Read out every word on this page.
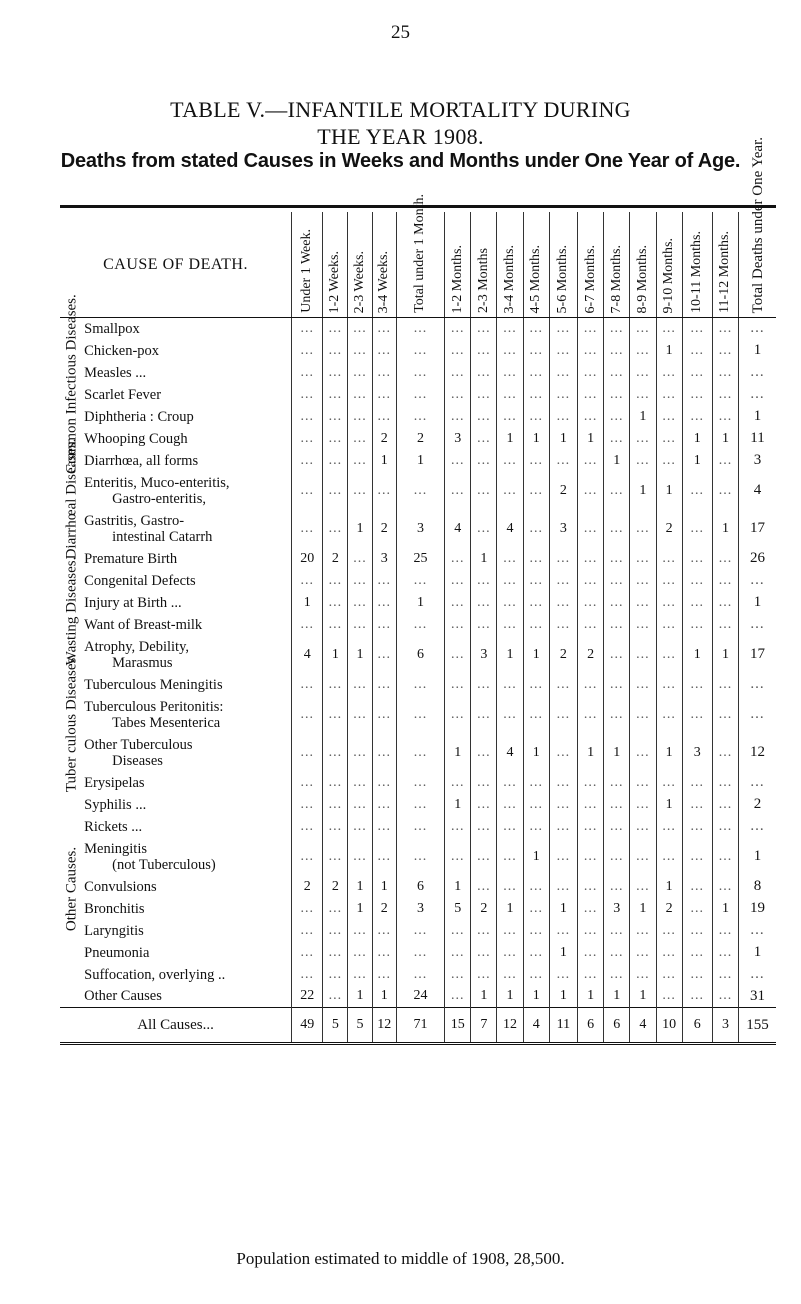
25
TABLE V.—INFANTILE MORTALITY DURING
THE YEAR 1908.
Deaths from stated Causes in Weeks and Months under One Year of Age.
CAUSE OF DEATH.		Under 1 Week.	1-2 Weeks.	2-3 Weeks.	3-4 Weeks.	Total under 1 Month.	1-2 Months.	2-3 Months	3-4 Months.	4-5 Months.	5-6 Months.	6-7 Months.	7-8 Months.	8-9 Months.	9-10 Months.	10-11 Months.	11-12 Months.	Total Deaths under One Year.

Common Infectious Diseases.	Smallpox	...	...	...	...	...	...	...	...	...	...	...	...	...	...	...	...	...

	Chicken-pox	...	...	...	...	...	...	...	...	...	...	...	...	...	1	...	...	1

	Measles ...	...	...	...	...	...	...	...	...	...	...	...	...	...	...	...	...	...

	Scarlet Fever	...	...	...	...	...	...	...	...	...	...	...	...	...	...	...	...	...

	Diphtheria : Croup	...	...	...	...	...	...	...	...	...	...	...	...	1	...	...	...	1

	Whooping Cough	...	...	...	2	2	3	...	1	1	1	1	...	...	...	1	1	11

Diarrhœal Diseases.	Diarrhœa, all forms	...	...	...	1	1	...	...	...	...	...	...	1	...	...	1	...	3

	Enteritis, Muco-enteritis,
Gastro-enteritis,	...	...	...	...	...	...	...	...	...	2	...	...	1	1	...	...	4

	Gastritis, Gastro-
intestinal Catarrh	...	...	1	2	3	4	...	4	...	3	...	...	...	2	...	1	17

Wasting Diseases.	Premature Birth	20	2	...	3	25	...	1	...	...	...	...	...	...	...	...	...	26

	Congenital Defects	...	...	...	...	...	...	...	...	...	...	...	...	...	...	...	...	...

	Injury at Birth ...	1	...	...	...	1	...	...	...	...	...	...	...	...	...	...	...	1

	Want of Breast-milk	...	...	...	...	...	...	...	...	...	...	...	...	...	...	...	...	...

	Atrophy, Debility,
Marasmus	4	1	1	...	6	...	3	1	1	2	2	...	...	...	1	1	17

Tuber culous Diseases.	Tuberculous Meningitis	...	...	...	...	...	...	...	...	...	...	...	...	...	...	...	...	...

	Tuberculous Peritonitis:
Tabes Mesenterica	...	...	...	...	...	...	...	...	...	...	...	...	...	...	...	...	...

	Other Tuberculous
Diseases	...	...	...	...	...	1	...	4	1	...	1	1	...	1	3	...	12

Other Causes.	Erysipelas	...	...	...	...	...	...	...	...	...	...	...	...	...	...	...	...	...

	Syphilis ...	...	...	...	...	...	1	...	...	...	...	...	...	...	1	...	...	2

	Rickets ...	...	...	...	...	...	...	...	...	...	...	...	...	...	...	...	...	...

	Meningitis
(not Tuberculous)	...	...	...	...	...	...	...	...	1	...	...	...	...	...	...	...	1

	Convulsions	2	2	1	1	6	1	...	...	...	...	...	...	...	1	...	...	8

	Bronchitis	...	...	1	2	3	5	2	1	...	1	...	3	1	2	...	1	19

	Laryngitis	...	...	...	...	...	...	...	...	...	...	...	...	...	...	...	...	...

	Pneumonia	...	...	...	...	...	...	...	...	...	1	...	...	...	...	...	...	1

	Suffocation, overlying ..	...	...	...	...	...	...	...	...	...	...	...	...	...	...	...	...	...

	Other Causes	22	...	1	1	24	...	1	1	1	1	1	1	1	...	...	...	31
All Causes...		49	5	5	12	71	15	7	12	4	11	6	6	4	10	6	3	155
Population estimated to middle of 1908, 28,500.
